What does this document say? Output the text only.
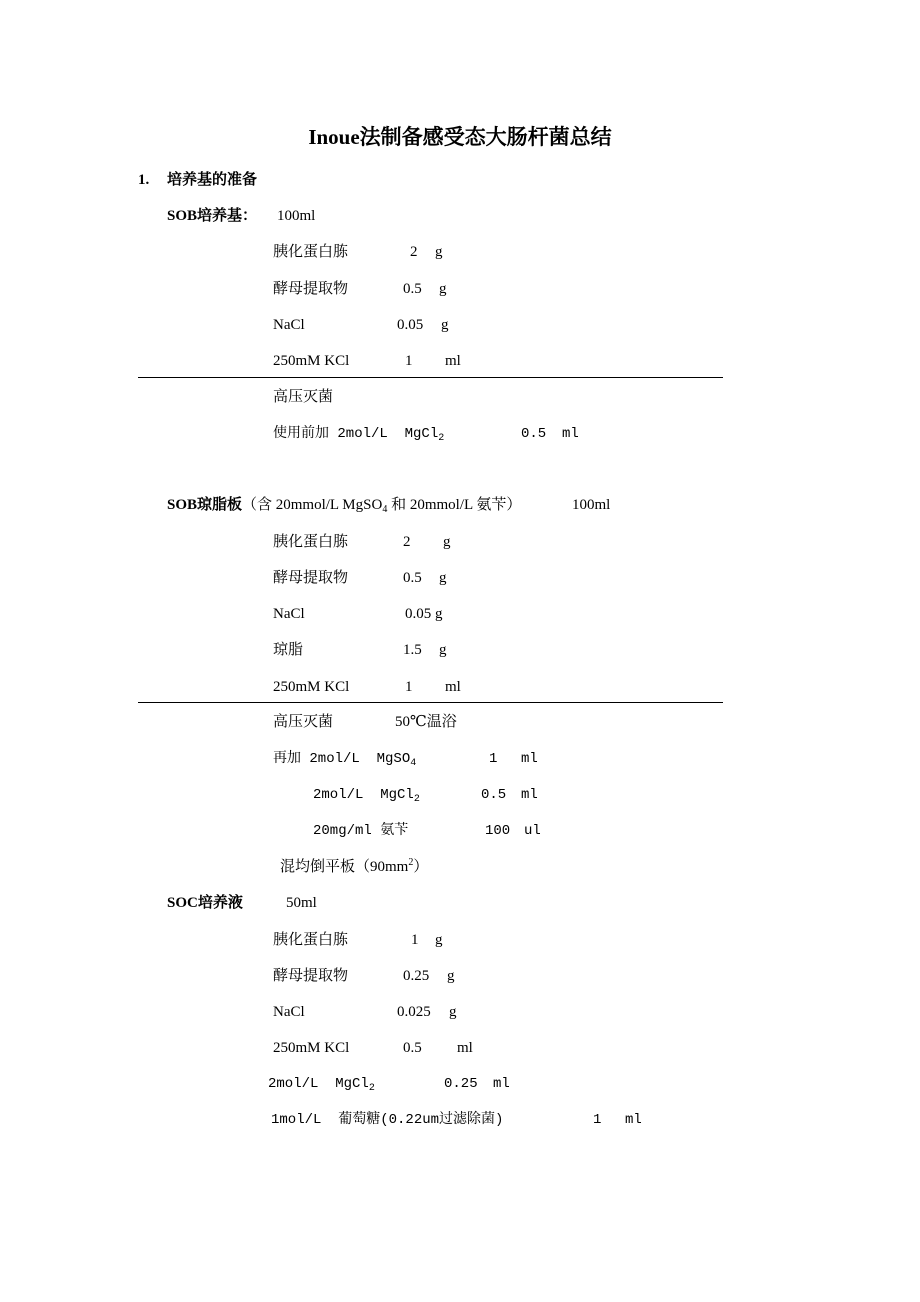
Inoue法制备感受态大肠杆菌总结
1. 培养基的准备
SOB培养基： 100ml
胰化蛋白胨	2 g
酵母提取物	0.5 g
NaCl	0.05 g
250mM KCl	1 ml
高压灭菌
使用前加 2mol/L  MgCl$_2$	0.5 ml
SOB琼脂板（含 20mmol/L MgSO$_4$ 和 20mmol/L 氨苄）	100ml
胰化蛋白胨	2 g
酵母提取物	0.5 g
NaCl	0.05 g
琼脂	1.5 g
250mM KCl	1 ml
高压灭菌	50℃温浴
再加 2mol/L  MgSO$_4$	1 ml
2mol/L  MgCl$_2$	0.5 ml
20mg/ml 氨苄	100 ul
混均倒平板$(90mm^2)$
SOC培养液	50ml
胰化蛋白胨	1 g
酵母提取物	0.25 g
NaCl	0.025 g
250mM KCl	0.5 ml
2mol/L  MgCl$_2$	0.25 ml
1mol/L  葡萄糖(0.22um过滤除菌)	1 ml
